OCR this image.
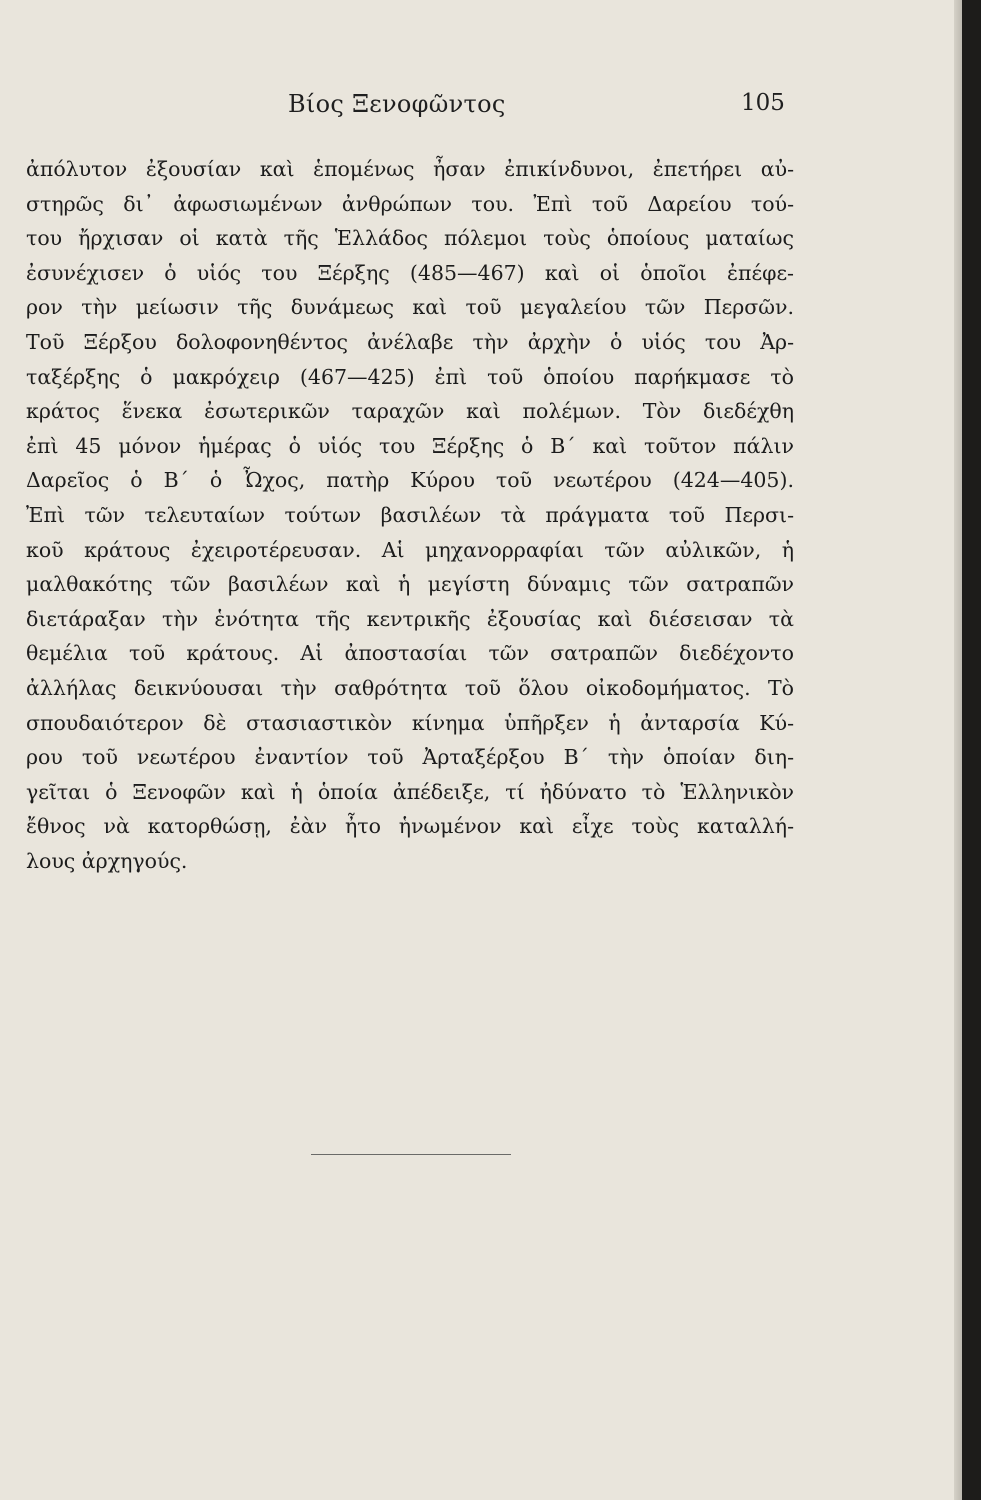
Βίος Ξενοφῶντος	105
ἀπόλυτον ἐξουσίαν καὶ ἑπομένως ἦσαν ἐπικίνδυνοι, ἐπετήρει αὐ-
στηρῶς δι᾽ ἀφωσιωμένων ἀνθρώπων του. Ἐπὶ τοῦ Δαρείου τού-
του ἤρχισαν οἱ κατὰ τῆς Ἑλλάδος πόλεμοι τοὺς ὁποίους ματαίως
ἐσυνέχισεν ὁ υἱός του Ξέρξης (485—467) καὶ οἱ ὁποῖοι ἐπέφε-
ρον τὴν μείωσιν τῆς δυνάμεως καὶ τοῦ μεγαλείου τῶν Περσῶν.
Τοῦ Ξέρξου δολοφονηθέντος ἀνέλαβε τὴν ἀρχὴν ὁ υἱός του Ἀρ-
ταξέρξης ὁ μακρόχειρ (467—425) ἐπὶ τοῦ ὁποίου παρήκμασε τὸ
κράτος ἕνεκα ἐσωτερικῶν ταραχῶν καὶ πολέμων. Τὸν διεδέχθη
ἐπὶ 45 μόνον ἡμέρας ὁ υἱός του Ξέρξης ὁ Β΄ καὶ τοῦτον πάλιν
Δαρεῖος ὁ Β΄ ὁ Ὦχος, πατὴρ Κύρου τοῦ νεωτέρου (424—405).
Ἐπὶ τῶν τελευταίων τούτων βασιλέων τὰ πράγματα τοῦ Περσι-
κοῦ κράτους ἐχειροτέρευσαν. Αἱ μηχανορραφίαι τῶν αὐλικῶν, ἡ
μαλθακότης τῶν βασιλέων καὶ ἡ μεγίστη δύναμις τῶν σατραπῶν
διετάραξαν τὴν ἑνότητα τῆς κεντρικῆς ἐξουσίας καὶ διέσεισαν τὰ
θεμέλια τοῦ κράτους. Αἱ ἀποστασίαι τῶν σατραπῶν διεδέχοντο
ἀλλήλας δεικνύουσαι τὴν σαθρότητα τοῦ ὅλου οἰκοδομήματος. Τὸ
σπουδαιότερον δὲ στασιαστικὸν κίνημα ὑπῆρξεν ἡ ἀνταρσία Κύ-
ρου τοῦ νεωτέρου ἐναντίον τοῦ Ἀρταξέρξου Β΄ τὴν ὁποίαν διη-
γεῖται ὁ Ξενοφῶν καὶ ἡ ὁποία ἀπέδειξε, τί ἠδύνατο τὸ Ἑλληνικὸν
ἔθνος νὰ κατορθώσῃ, ἐὰν ἦτο ἡνωμένον καὶ εἶχε τοὺς καταλλή-
λους ἀρχηγούς.
